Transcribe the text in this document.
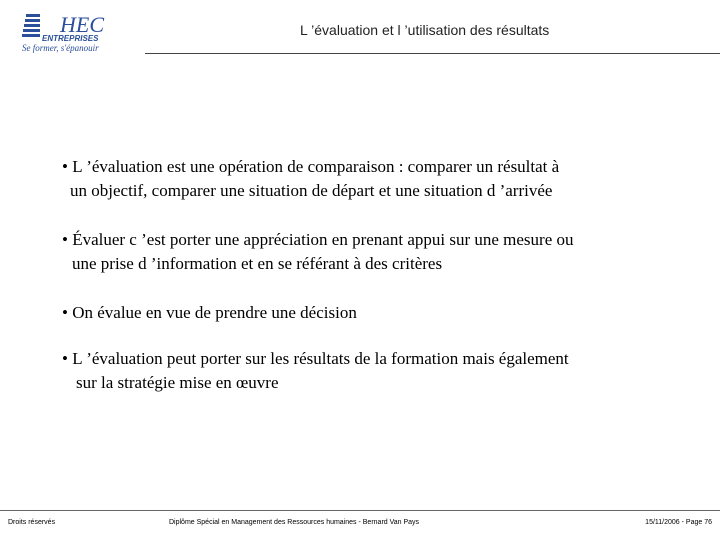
HEC
ENTREPRISES
Se former, s'épanouir
L ’évaluation et l ’utilisation des résultats
• L ’évaluation est une opération de comparaison : comparer un résultat à
un objectif, comparer une situation de départ et une situation d ’arrivée
• Évaluer c ’est porter une appréciation en prenant appui sur une mesure ou
une prise d ’information et en se référant à des critères
• On évalue en vue de prendre une décision
• L ’évaluation peut porter sur les résultats de la formation mais également
sur la stratégie mise en œuvre
Droits réservés	Diplôme Spécial en Management des Ressources humaines - Bernard Van Pays	15/11/2006 - Page 76
